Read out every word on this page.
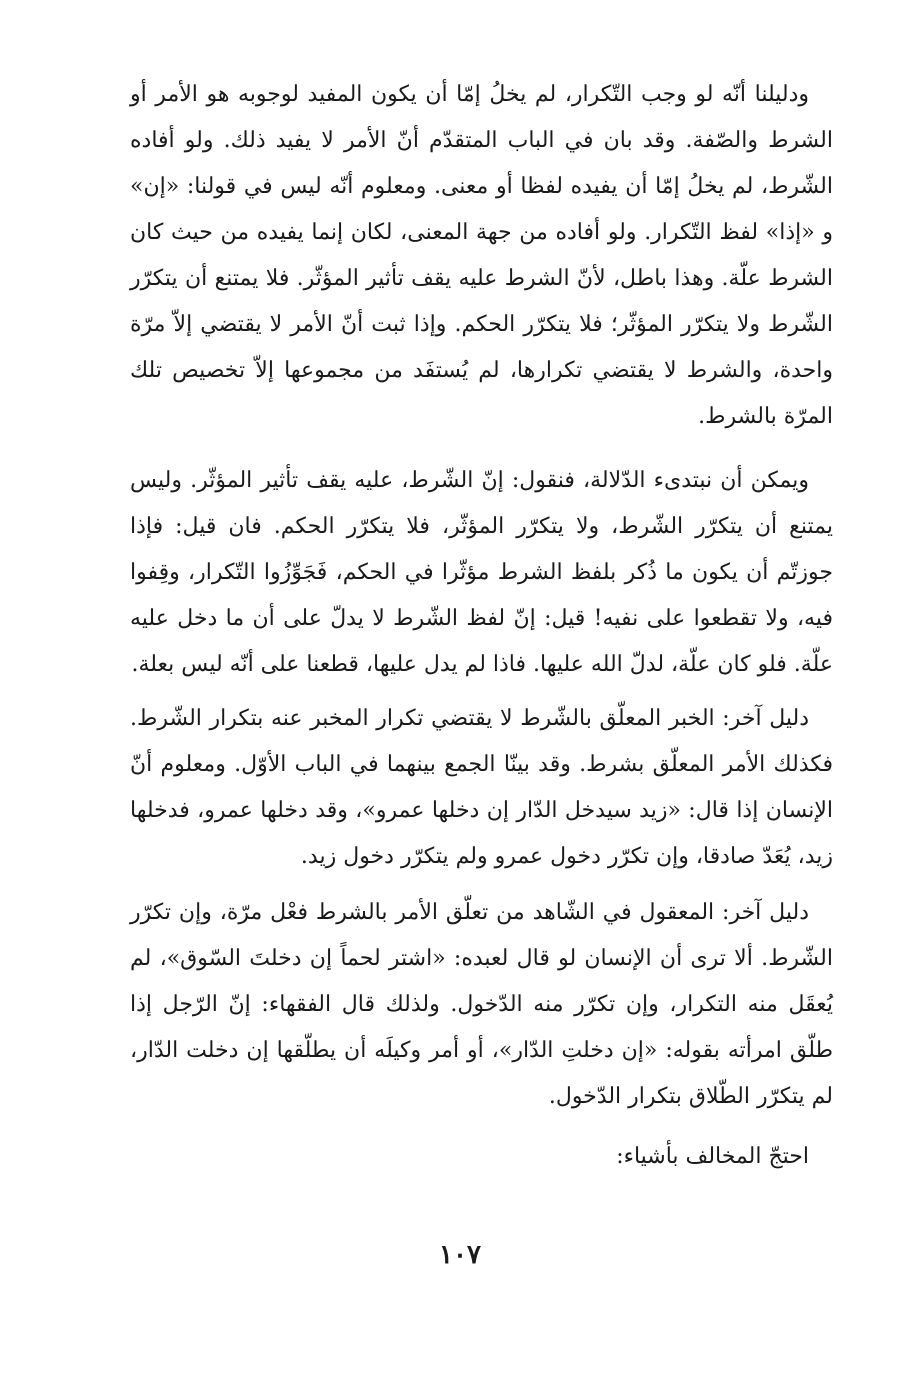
ودليلنا أنّه لو وجب التّكرار، لم يخلُ إمّا أن يكون المفيد لوجوبه هو الأمر أو الشرط والصّفة. وقد بان في الباب المتقدّم أنّ الأمر لا يفيد ذلك. ولو أفاده الشّرط، لم يخلُ إمّا أن يفيده لفظا أو معنى. ومعلوم أنّه ليس في قولنا: «إن» و «إذا» لفظ التّكرار. ولو أفاده من جهة المعنى، لكان إنما يفيده من حيث كان الشرط علّة. وهذا باطل، لأنّ الشرط عليه يقف تأثير المؤثّر. فلا يمتنع أن يتكرّر الشّرط ولا يتكرّر المؤثّر؛ فلا يتكرّر الحكم. وإذا ثبت أنّ الأمر لا يقتضي إلاّ مرّة واحدة، والشرط لا يقتضي تكرارها، لم يُستفَد من مجموعها إلاّ تخصيص تلك المرّة بالشرط.

ويمكن أن نبتدىء الدّلالة، فنقول: إنّ الشّرط، عليه يقف تأثير المؤثّر. وليس يمتنع أن يتكرّر الشّرط، ولا يتكرّر المؤثّر، فلا يتكرّر الحكم. فان قيل: فإذا جوزتّم أن يكون ما ذُكر بلفظ الشرط مؤثّرا في الحكم، فَجَوِّزُوا التّكرار، وقِفوا فيه، ولا تقطعوا على نفيه! قيل: إنّ لفظ الشّرط لا يدلّ على أن ما دخل عليه علّة. فلو كان علّة، لدلّ الله عليها. فاذا لم يدل عليها، قطعنا على أنّه ليس بعلة.

دليل آخر: الخبر المعلّق بالشّرط لا يقتضي تكرار المخبر عنه بتكرار الشّرط. فكذلك الأمر المعلّق بشرط. وقد بينّا الجمع بينهما في الباب الأوّل. ومعلوم أنّ الإنسان إذا قال: «زيد سيدخل الدّار إن دخلها عمرو»، وقد دخلها عمرو، فدخلها زيد، يُعَدّ صادقا، وإن تكرّر دخول عمرو ولم يتكرّر دخول زيد.

دليل آخر: المعقول في الشّاهد من تعلّق الأمر بالشرط فعْل مرّة، وإن تكرّر الشّرط. ألا ترى أن الإنسان لو قال لعبده: «اشتر لحماً إن دخلتَ السّوق»، لم يُعقَل منه التكرار، وإن تكرّر منه الدّخول. ولذلك قال الفقهاء: إنّ الرّجل إذا طلّق امرأته بقوله: «إن دخلتِ الدّار»، أو أمر وكيلَه أن يطلّقها إن دخلت الدّار، لم يتكرّر الطّلاق بتكرار الدّخول.

احتجّ المخالف بأشياء:

١٠٧
